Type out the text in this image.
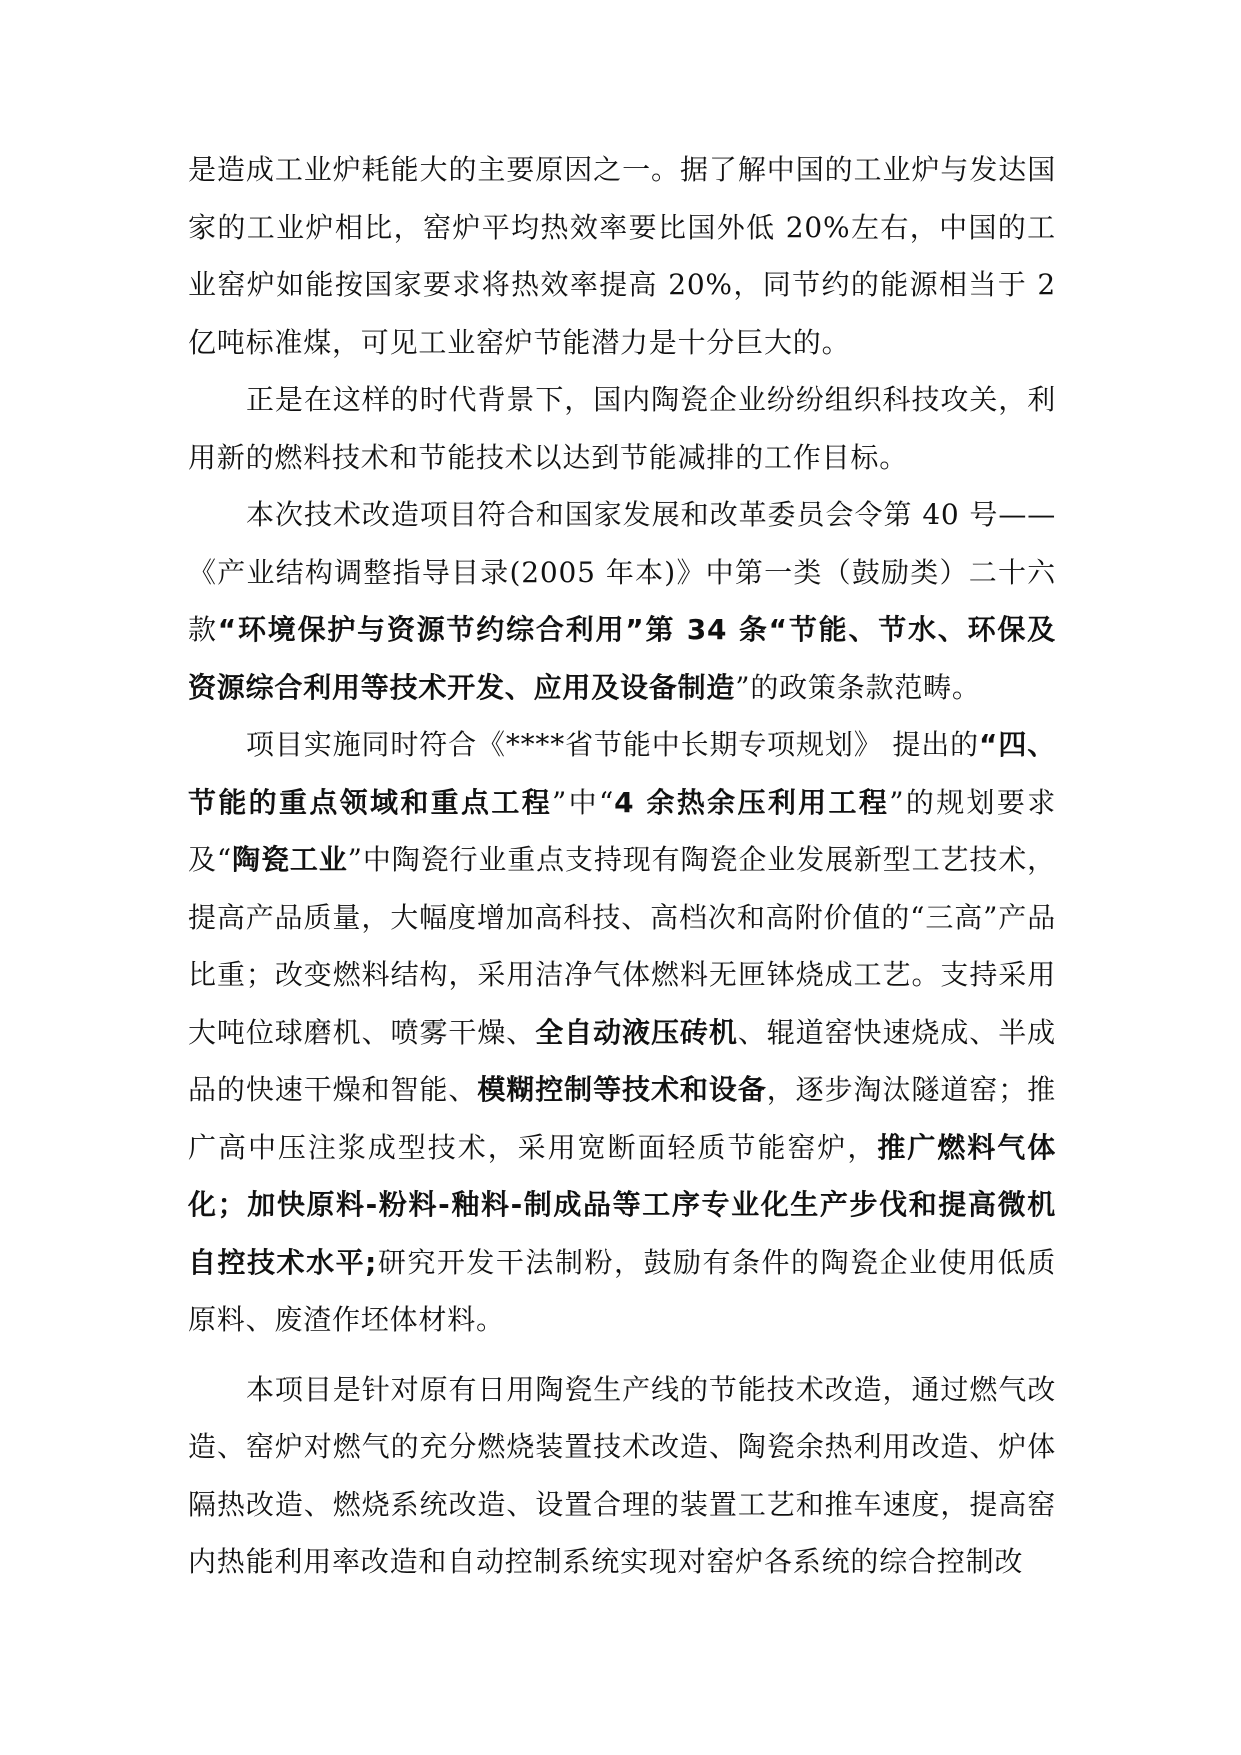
是造成工业炉耗能大的主要原因之一。据了解中国的工业炉与发达国家的工业炉相比，窑炉平均热效率要比国外低 20%左右，中国的工业窑炉如能按国家要求将热效率提高 20%，同节约的能源相当于 2 亿吨标准煤，可见工业窑炉节能潜力是十分巨大的。

正是在这样的时代背景下，国内陶瓷企业纷纷组织科技攻关，利用新的燃料技术和节能技术以达到节能减排的工作目标。

本次技术改造项目符合和国家发展和改革委员会令第 40 号——《产业结构调整指导目录(2005 年本)》中第一类（鼓励类）二十六款“环境保护与资源节约综合利用”第 34 条“节能、节水、环保及资源综合利用等技术开发、应用及设备制造”的政策条款范畴。

项目实施同时符合《****省节能中长期专项规划》 提出的“四、节能的重点领域和重点工程”中“4 余热余压利用工程”的规划要求及“陶瓷工业”中陶瓷行业重点支持现有陶瓷企业发展新型工艺技术，提高产品质量，大幅度增加高科技、高档次和高附价值的“三高”产品比重；改变燃料结构，采用洁净气体燃料无匣钵烧成工艺。支持采用大吨位球磨机、喷雾干燥、全自动液压砖机、辊道窑快速烧成、半成品的快速干燥和智能、模糊控制等技术和设备，逐步淘汰隧道窑；推广高中压注浆成型技术，采用宽断面轻质节能窑炉，推广燃料气体化；加快原料-粉料-釉料-制成品等工序专业化生产步伐和提高微机自控技术水平;研究开发干法制粉，鼓励有条件的陶瓷企业使用低质原料、废渣作坯体材料。

本项目是针对原有日用陶瓷生产线的节能技术改造，通过燃气改造、窑炉对燃气的充分燃烧装置技术改造、陶瓷余热利用改造、炉体隔热改造、燃烧系统改造、设置合理的装置工艺和推车速度，提高窑内热能利用率改造和自动控制系统实现对窑炉各系统的综合控制改
